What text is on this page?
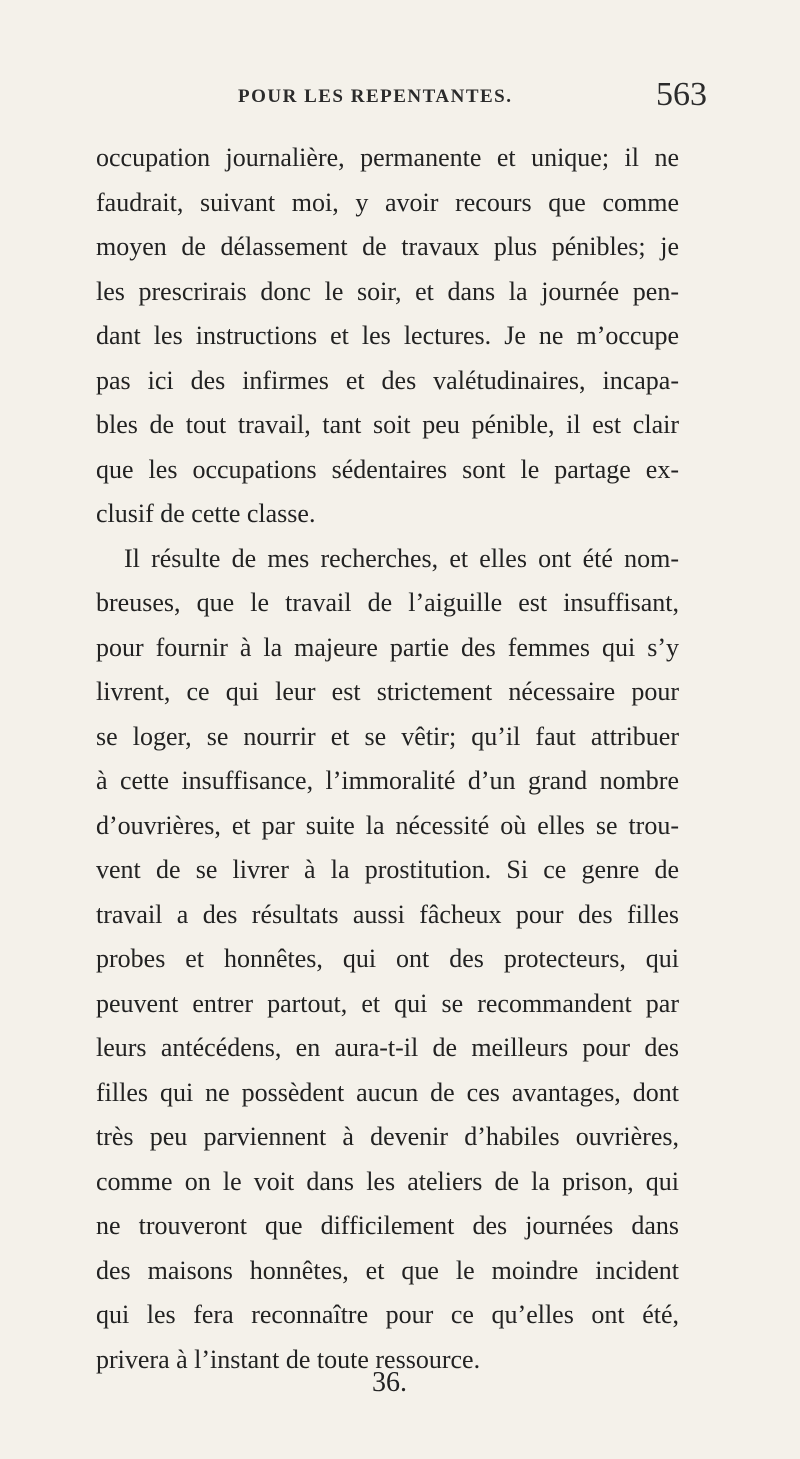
POUR LES REPENTANTES.	563
occupation journalière, permanente et unique; il ne
faudrait, suivant moi, y avoir recours que comme
moyen de délassement de travaux plus pénibles; je
les prescrirais donc le soir, et dans la journée pen-
dant les instructions et les lectures. Je ne m’occupe
pas ici des infirmes et des valétudinaires, incapa-
bles de tout travail, tant soit peu pénible, il est clair
que les occupations sédentaires sont le partage ex-
clusif de cette classe.
Il résulte de mes recherches, et elles ont été nom-
breuses, que le travail de l’aiguille est insuffisant,
pour fournir à la majeure partie des femmes qui s’y
livrent, ce qui leur est strictement nécessaire pour
se loger, se nourrir et se vêtir; qu’il faut attribuer
à cette insuffisance, l’immoralité d’un grand nombre
d’ouvrières, et par suite la nécessité où elles se trou-
vent de se livrer à la prostitution. Si ce genre de
travail a des résultats aussi fâcheux pour des filles
probes et honnêtes, qui ont des protecteurs, qui
peuvent entrer partout, et qui se recommandent par
leurs antécédens, en aura-t-il de meilleurs pour des
filles qui ne possèdent aucun de ces avantages, dont
très peu parviennent à devenir d’habiles ouvrières,
comme on le voit dans les ateliers de la prison, qui
ne trouveront que difficilement des journées dans
des maisons honnêtes, et que le moindre incident
qui les fera reconnaître pour ce qu’elles ont été,
privera à l’instant de toute ressource.
36.
